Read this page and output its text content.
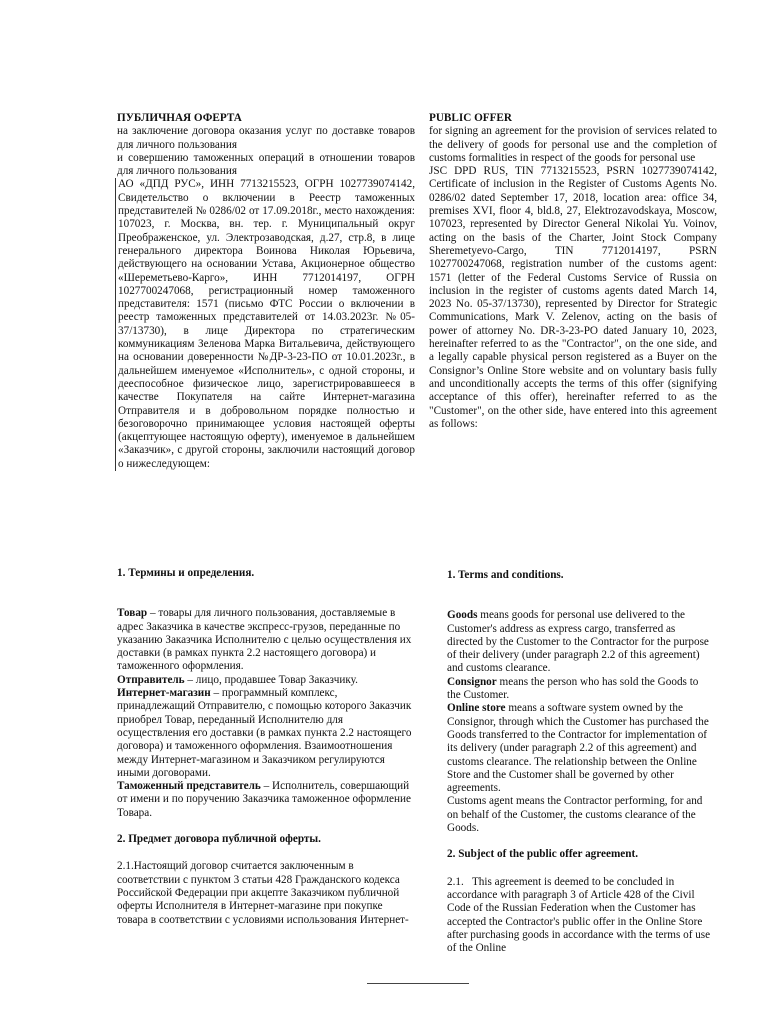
ПУБЛИЧНАЯ ОФЕРТА

на заключение договора оказания услуг по доставке товаров для личного пользования

и совершению таможенных операций в отношении товаров для личного пользования

АО «ДПД РУС», ИНН 7713215523, ОГРН 1027739074142, Свидетельство о включении в Реестр таможенных представителей № 0286/02 от 17.09.2018г., место нахождения: 107023, г. Москва, вн. тер. г. Муниципальный округ Преображенское, ул. Электрозаводская, д.27, стр.8, в лице генерального директора Воинова Николая Юрьевича, действующего на основании Устава, Акционерное общество «Шереметьево-Карго», ИНН 7712014197, ОГРН 1027700247068, регистрационный номер таможенного представителя: 1571 (письмо ФТС России о включении в реестр таможенных представителей от 14.03.2023г. №05-37/13730), в лице Директора по стратегическим коммуникациям Зеленова Марка Витальевича, действующего на основании доверенности №ДР-3-23-ПО от 10.01.2023г., в дальнейшем именуемое «Исполнитель», с одной стороны, и дееспособное физическое лицо, зарегистрировавшееся в качестве Покупателя на сайте Интернет-магазина Отправителя и в добровольном порядке полностью и безоговорочно принимающее условия настоящей оферты (акцептующее настоящую оферту), именуемое в дальнейшем «Заказчик», с другой стороны, заключили настоящий договор о нижеследующем:

PUBLIC OFFER

for signing an agreement for the provision of services related to the delivery of goods for personal use and the completion of customs formalities in respect of the goods for personal use

JSC DPD RUS, TIN 7713215523, PSRN 1027739074142, Certificate of inclusion in the Register of Customs Agents No. 0286/02 dated September 17, 2018, location area: office 34, premises XVI, floor 4, bld.8, 27, Elektrozavodskaya, Moscow, 107023, represented by Director General Nikolai Yu. Voinov, acting on the basis of the Charter, Joint Stock Company Sheremetyevo-Cargo, TIN 7712014197, PSRN 1027700247068, registration number of the customs agent: 1571 (letter of the Federal Customs Service of Russia on inclusion in the register of customs agents dated March 14, 2023 No. 05-37/13730), represented by Director for Strategic Communications, Mark V. Zelenov, acting on the basis of power of attorney No. DR-3-23-PO dated January 10, 2023, hereinafter referred to as the "Contractor", on the one side, and a legally capable physical person registered as a Buyer on the Consignor’s Online Store website and on voluntary basis fully and unconditionally accepts the terms of this offer (signifying acceptance of this offer), hereinafter referred to as the "Customer", on the other side, have entered into this agreement as follows:

1. Термины и определения.

Товар – товары для личного пользования, доставляемые в адрес Заказчика в качестве экспресс-грузов, переданные по указанию Заказчика Исполнителю с целью осуществления их доставки (в рамках пункта 2.2 настоящего договора) и таможенного оформления.

Отправитель – лицо, продавшее Товар Заказчику.

Интернет-магазин – программный комплекс, принадлежащий Отправителю, с помощью которого Заказчик приобрел Товар, переданный Исполнителю для осуществления его доставки (в рамках пункта 2.2 настоящего договора) и таможенного оформления. Взаимоотношения между Интернет-магазином и Заказчиком регулируются иными договорами.

Таможенный представитель – Исполнитель, совершающий от имени и по поручению Заказчика таможенное оформление Товара.

2. Предмет договора публичной оферты.

2.1.Настоящий договор считается заключенным в соответствии с пунктом 3 статьи 428 Гражданского кодекса Российской Федерации при акцепте Заказчиком публичной оферты Исполнителя в Интернет-магазине при покупке товара в соответствии с условиями использования Интернет-

1. Terms and conditions.

Goods means goods for personal use delivered to the Customer's address as express cargo, transferred as directed by the Customer to the Contractor for the purpose of their delivery (under paragraph 2.2 of this agreement) and customs clearance.

Consignor means the person who has sold the Goods to the Customer.

Online store means a software system owned by the Consignor, through which the Customer has purchased the Goods transferred to the Contractor for implementation of its delivery (under paragraph 2.2 of this agreement) and customs clearance. The relationship between the Online Store and the Customer shall be governed by other agreements.

Customs agent means the Contractor performing, for and on behalf of the Customer, the customs clearance of the Goods.

2. Subject of the public offer agreement.

2.1.   This agreement is deemed to be concluded in accordance with paragraph 3 of Article 428 of the Civil Code of the Russian Federation when the Customer has accepted the Contractor's public offer in the Online Store after purchasing goods in accordance with the terms of use of the Online
